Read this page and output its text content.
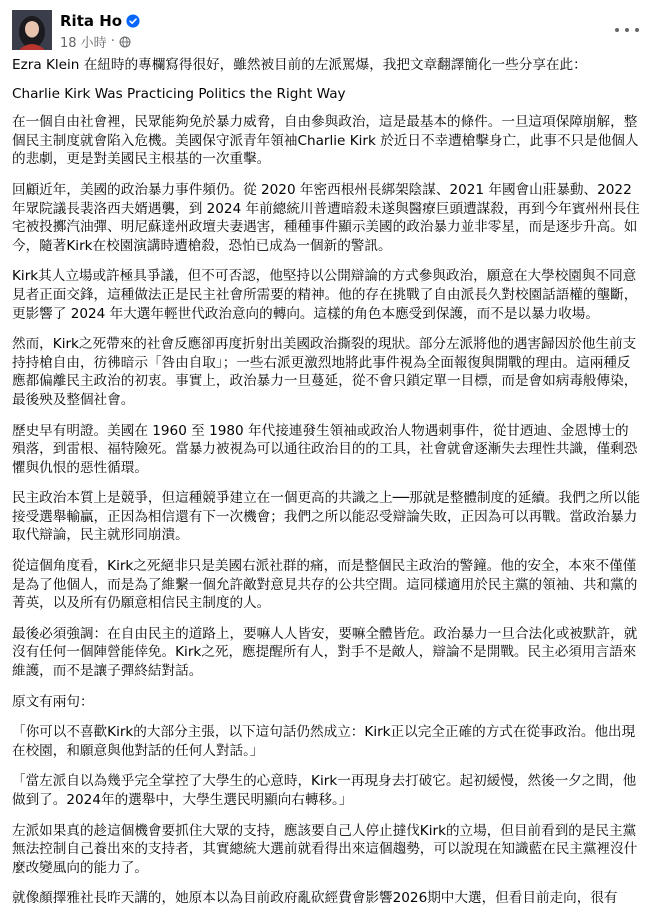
Rita Ho
18 小時 ·

Ezra Klein 在紐時的專欄寫得很好，雖然被目前的左派罵爆，我把文章翻譯簡化一些分享在此：

Charlie Kirk Was Practicing Politics the Right Way

在一個自由社會裡，民眾能夠免於暴力威脅，自由參與政治，這是最基本的條件。一旦這項保障崩解，整個民主制度就會陷入危機。美國保守派青年領袖Charlie Kirk 於近日不幸遭槍擊身亡，此事不只是他個人的悲劇，更是對美國民主根基的一次重擊。

回顧近年，美國的政治暴力事件頻仍。從 2020 年密西根州長綁架陰謀、2021 年國會山莊暴動、2022 年眾院議長裴洛西夫婿遇襲，到 2024 年前總統川普遭暗殺未遂與醫療巨頭遭謀殺，再到今年賓州州長住宅被投擲汽油彈、明尼蘇達州政壇夫妻遇害，種種事件顯示美國的政治暴力並非零星，而是逐步升高。如今，隨著Kirk在校園演講時遭槍殺，恐怕已成為一個新的警訊。

Kirk其人立場或許極具爭議，但不可否認，他堅持以公開辯論的方式參與政治，願意在大學校園與不同意見者正面交鋒，這種做法正是民主社會所需要的精神。他的存在挑戰了自由派長久對校園話語權的壟斷，更影響了 2024 年大選年輕世代政治意向的轉向。這樣的角色本應受到保護，而不是以暴力收場。

然而，Kirk之死帶來的社會反應卻再度折射出美國政治撕裂的現狀。部分左派將他的遇害歸因於他生前支持持槍自由，彷彿暗示「咎由自取」；一些右派更激烈地將此事件視為全面報復與開戰的理由。這兩種反應都偏離民主政治的初衷。事實上，政治暴力一旦蔓延，從不會只鎖定單一目標，而是會如病毒般傳染，最後殃及整個社會。

歷史早有明證。美國在 1960 至 1980 年代接連發生領袖或政治人物遇刺事件，從甘迺迪、金恩博士的殞落，到雷根、福特險死。當暴力被視為可以通往政治目的的工具，社會就會逐漸失去理性共識，僅剩恐懼與仇恨的惡性循環。

民主政治本質上是競爭，但這種競爭建立在一個更高的共識之上──那就是整體制度的延續。我們之所以能接受選舉輸贏，正因為相信還有下一次機會；我們之所以能忍受辯論失敗，正因為可以再戰。當政治暴力取代辯論，民主就形同崩潰。

從這個角度看，Kirk之死絕非只是美國右派社群的痛，而是整個民主政治的警鐘。他的安全，本來不僅僅是為了他個人，而是為了維繫一個允許敵對意見共存的公共空間。這同樣適用於民主黨的領袖、共和黨的菁英，以及所有仍願意相信民主制度的人。

最後必須強調：在自由民主的道路上，要嘛人人皆安，要嘛全體皆危。政治暴力一旦合法化或被默許，就沒有任何一個陣營能倖免。Kirk之死，應提醒所有人，對手不是敵人，辯論不是開戰。民主必須用言語來維護，而不是讓子彈終結對話。

原文有兩句：

「你可以不喜歡Kirk的大部分主張，以下這句話仍然成立：Kirk正以完全正確的方式在從事政治。他出現在校園，和願意與他對話的任何人對話。」

「當左派自以為幾乎完全掌控了大學生的心意時，Kirk一再現身去打破它。起初緩慢，然後一夕之間，他做到了。2024年的選舉中，大學生選民明顯向右轉移。」

左派如果真的趁這個機會要抓住大眾的支持，應該要自己人停止撻伐Kirk的立場，但目前看到的是民主黨無法控制自己養出來的支持者，其實總統大選前就看得出來這個趨勢，可以說現在知識藍在民主黨裡沒什麼改變風向的能力了。

就像顏擇雅社長昨天講的，她原本以為目前政府亂砍經費會影響2026期中大選，但看目前走向，很有
